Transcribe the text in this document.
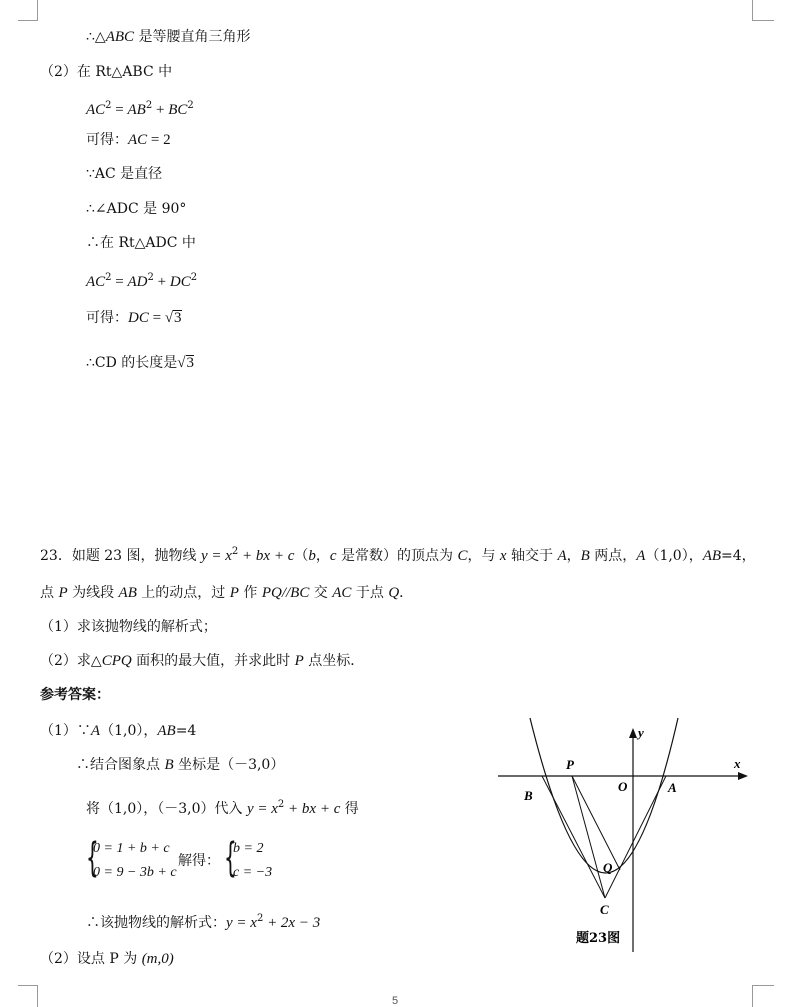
∴△ABC 是等腰直角三角形
（2）在 Rt△ABC 中
$AC^2 = AB^2 + BC^2$
可得：AC = 2
∵AC 是直径
∴∠ADC 是 90°
∴在 Rt△ADC 中
$AC^2 = AD^2 + DC^2$
可得：DC = √3
∴CD 的长度是√3
23．如题 23 图，抛物线 $y = x^2$ + bx + c（b，c 是常数）的顶点为 C，与 x 轴交于 A，B 两点，A（1,0），AB=4，
点 P 为线段 AB 上的动点，过 P 作 PQ//BC 交 AC 于点 Q．
（1）求该抛物线的解析式；
（2）求△CPQ 面积的最大值，并求此时 P 点坐标．
参考答案：
（1）∵A（1,0），AB=4
∴结合图象点 B 坐标是（－3,0）
将（1,0），（－3,0）代入 $y = x^2$ + bx + c 得
{
0 = 1 + b + c
0 = 9 − 3b + c
解得： {
b = 2
c = −3
∴该抛物线的解析式：$y = x^2 + 2x - 3$
（2）设点 P 为 (m,0)
y
x
P
O	A
B
Q
C
题23图
5
